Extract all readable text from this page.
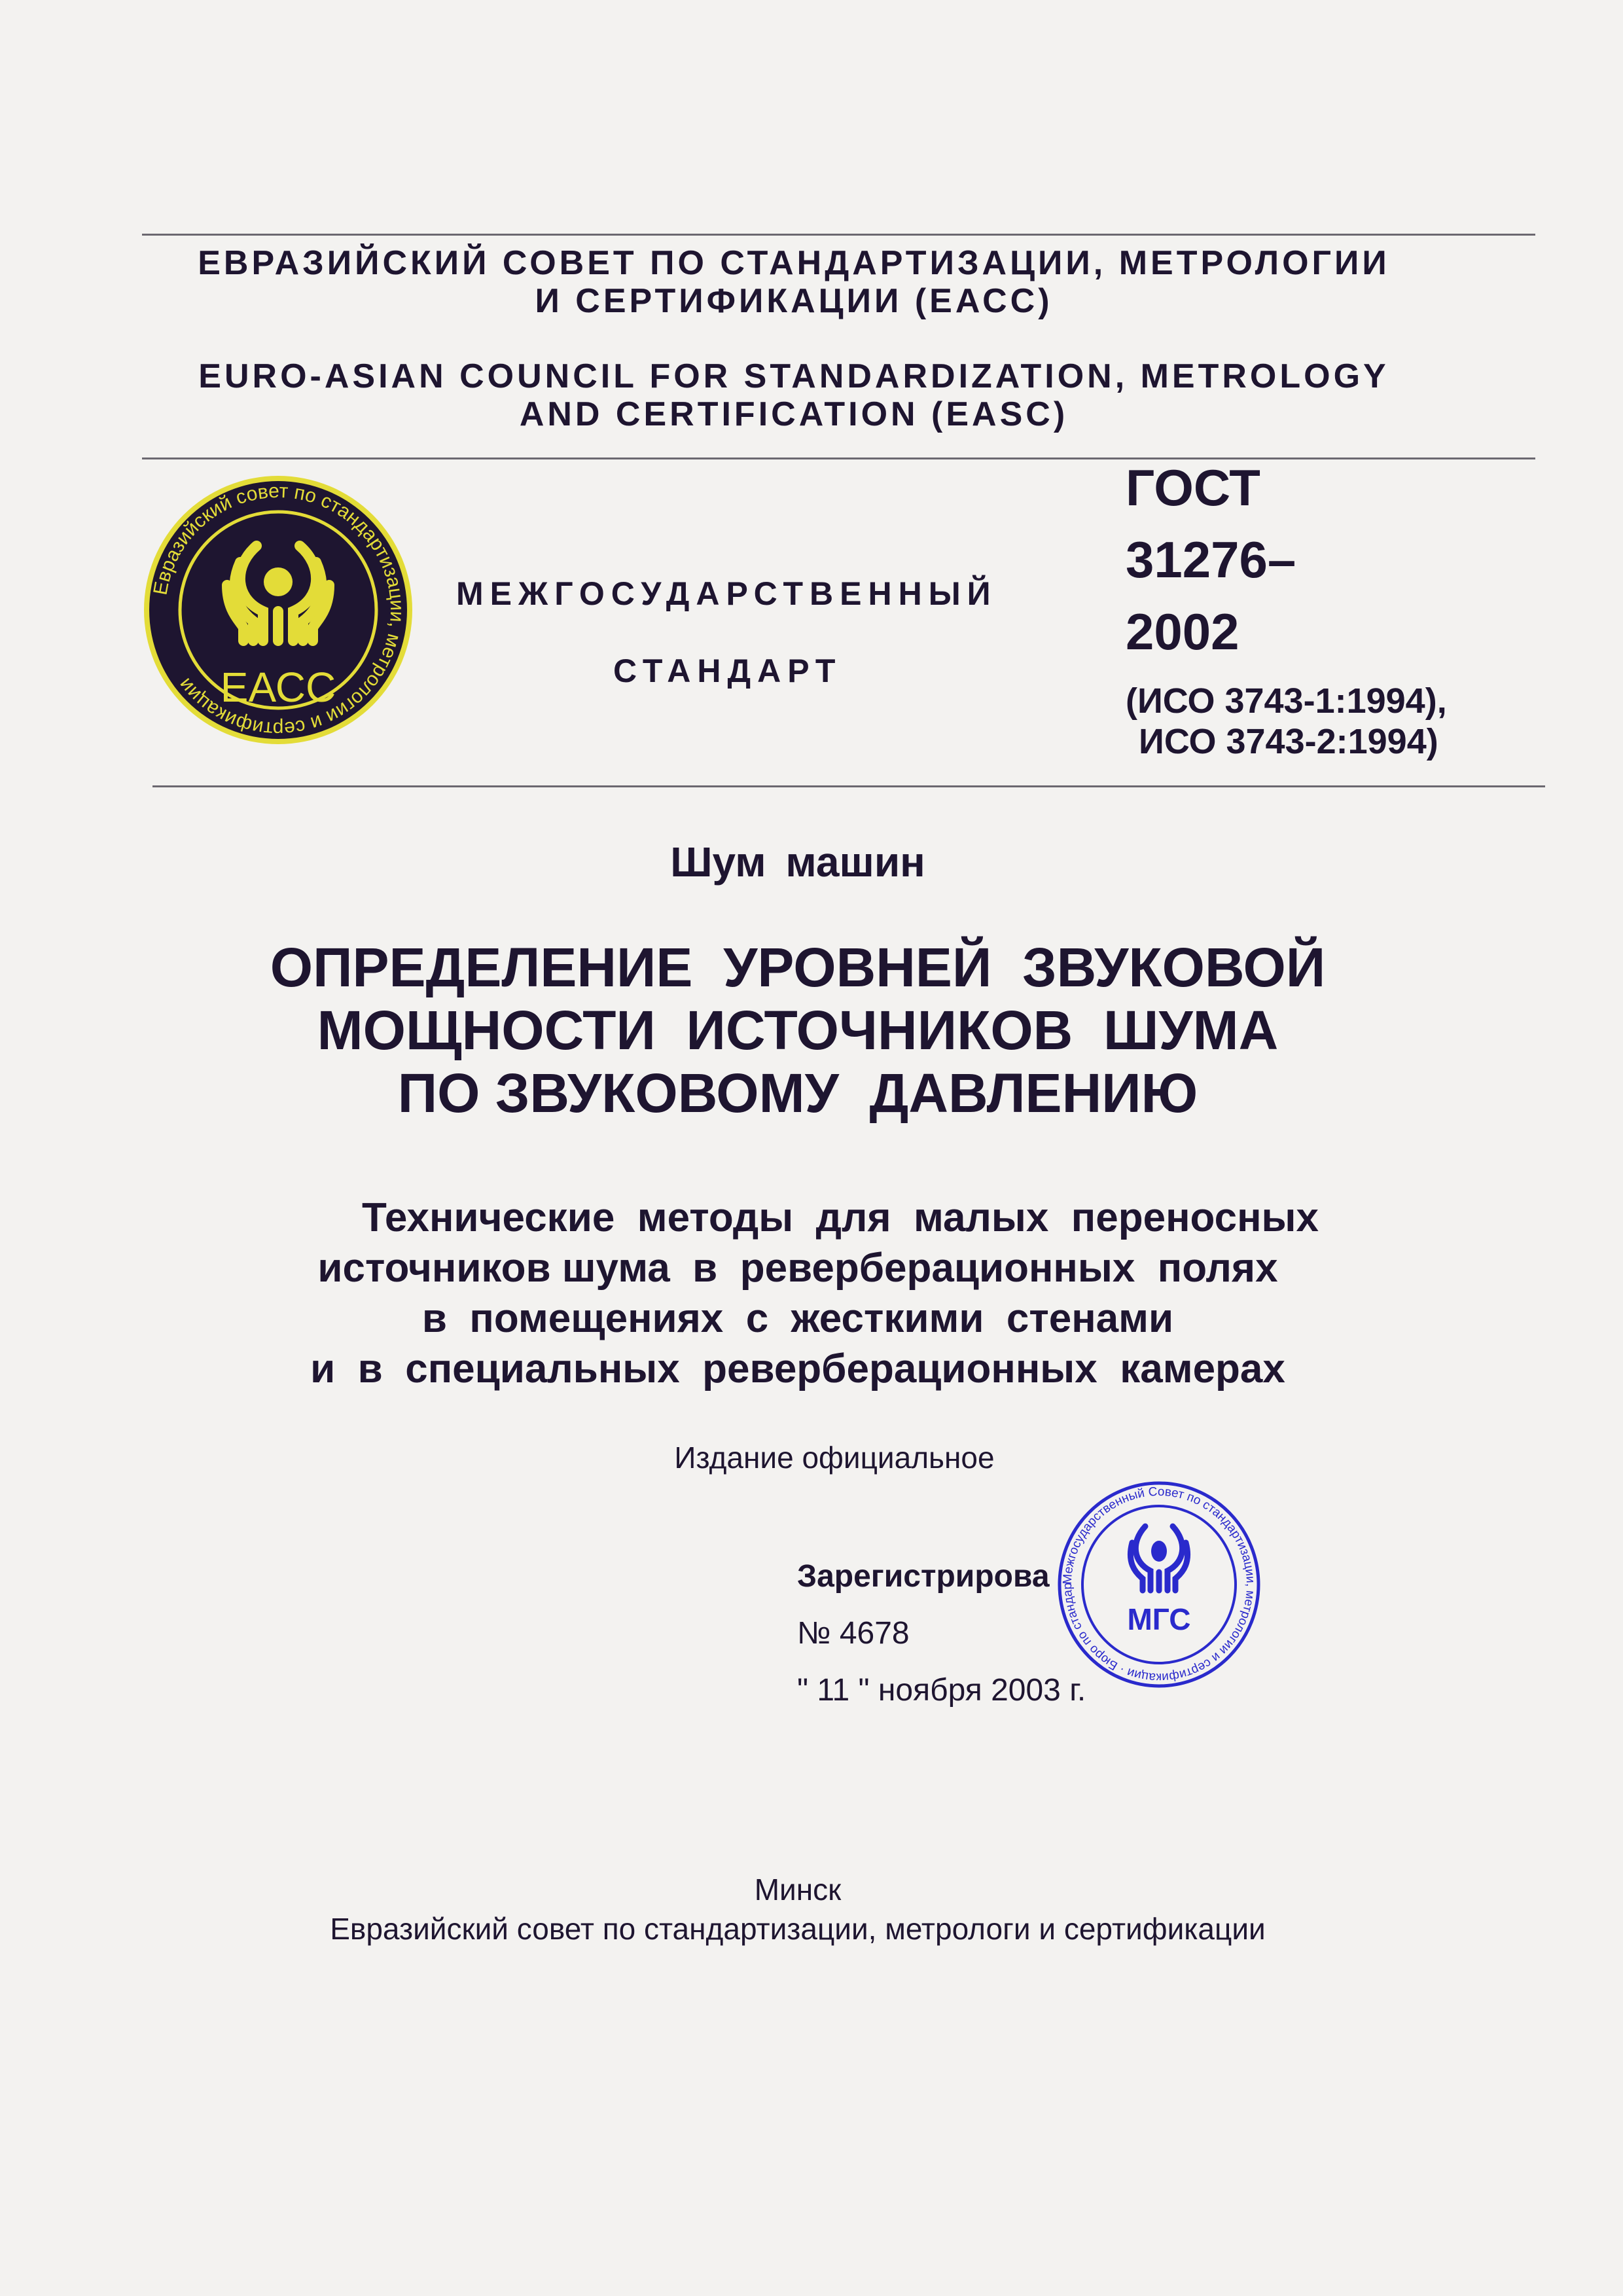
ЕВРАЗИЙСКИЙ СОВЕТ ПО СТАНДАРТИЗАЦИИ, МЕТРОЛОГИИ
И СЕРТИФИКАЦИИ (ЕАСС)
EURO-ASIAN COUNCIL FOR STANDARDIZATION, METROLOGY
AND CERTIFICATION (EASC)
Евразийский совет по стандартизации, метрологии и сертификации ЕАСС
МЕЖГОСУДАРСТВЕННЫЙ
СТАНДАРТ
ГОСТ
31276–
2002
(ИСО 3743-1:1994),
ИСО 3743-2:1994)
Шум машин
ОПРЕДЕЛЕНИЕ  УРОВНЕЙ  ЗВУКОВОЙ
МОЩНОСТИ  ИСТОЧНИКОВ  ШУМА
ПО ЗВУКОВОМУ  ДАВЛЕНИЮ
Технические  методы  для  малых  переносных
источников шума  в  реверберационных  полях
в  помещениях  с  жесткими  стенами
и  в  специальных  реверберационных  камерах
Издание официальное
Зарегистрирова
№ 4678
" 11 " ноября 2003 г.
Межгосударственный Совет по стандартизации, метрологии и сертификации · Бюро по стандар
МГС
Минск
Евразийский совет по стандартизации, метрологи и сертификации
